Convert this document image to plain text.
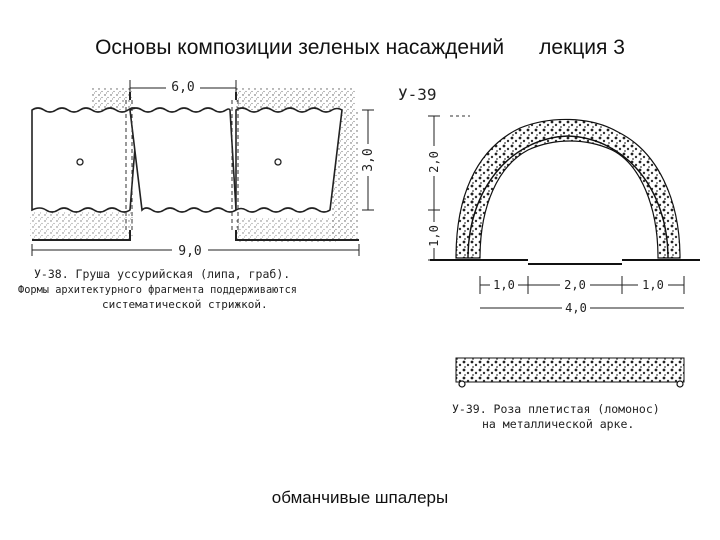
Основы композиции зеленых насаждений      лекция 3
6,0
3,0
9,0
У-38. Груша уссурийская (липа, граб).
Формы архитектурного фрагмента поддерживаются
систематической стрижкой.
У-39
2,0
1,0
1,0	2,0	1,0
4,0
У-39. Роза плетистая (ломонос)
на металлической арке.

обманчивые шпалеры
